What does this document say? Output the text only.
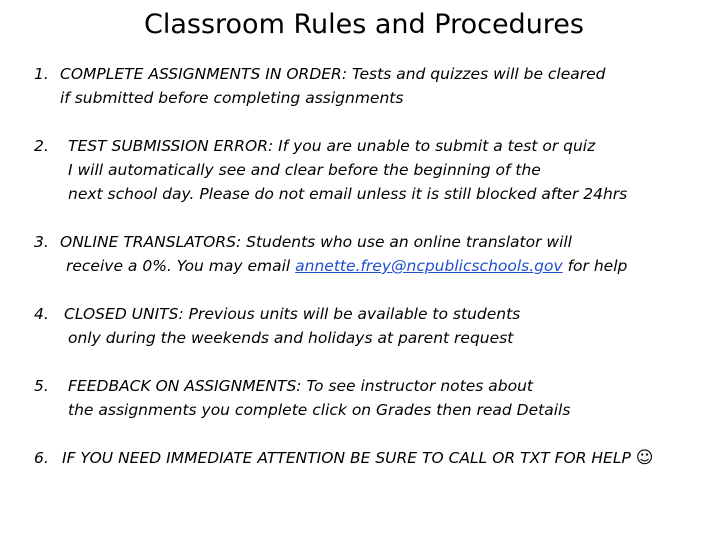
Classroom Rules and Procedures
1. COMPLETE ASSIGNMENTS IN ORDER: Tests and quizzes will be cleared
if submitted before completing assignments
2.	TEST SUBMISSION ERROR: If you are unable to submit a test or quiz
I will automatically see and clear before the beginning of the
next school day. Please do not email unless it is still blocked after 24hrs
3. ONLINE TRANSLATORS: Students who use an online translator will
receive a 0%. You may email annette.frey@ncpublicschools.gov for help
4. CLOSED UNITS: Previous units will be available to students
only during the weekends and holidays at parent request
5.	FEEDBACK ON ASSIGNMENTS: To see instructor notes about
the assignments you complete click on Grades then read Details
6. IF YOU NEED IMMEDIATE ATTENTION BE SURE TO CALL OR TXT FOR HELP ☺
